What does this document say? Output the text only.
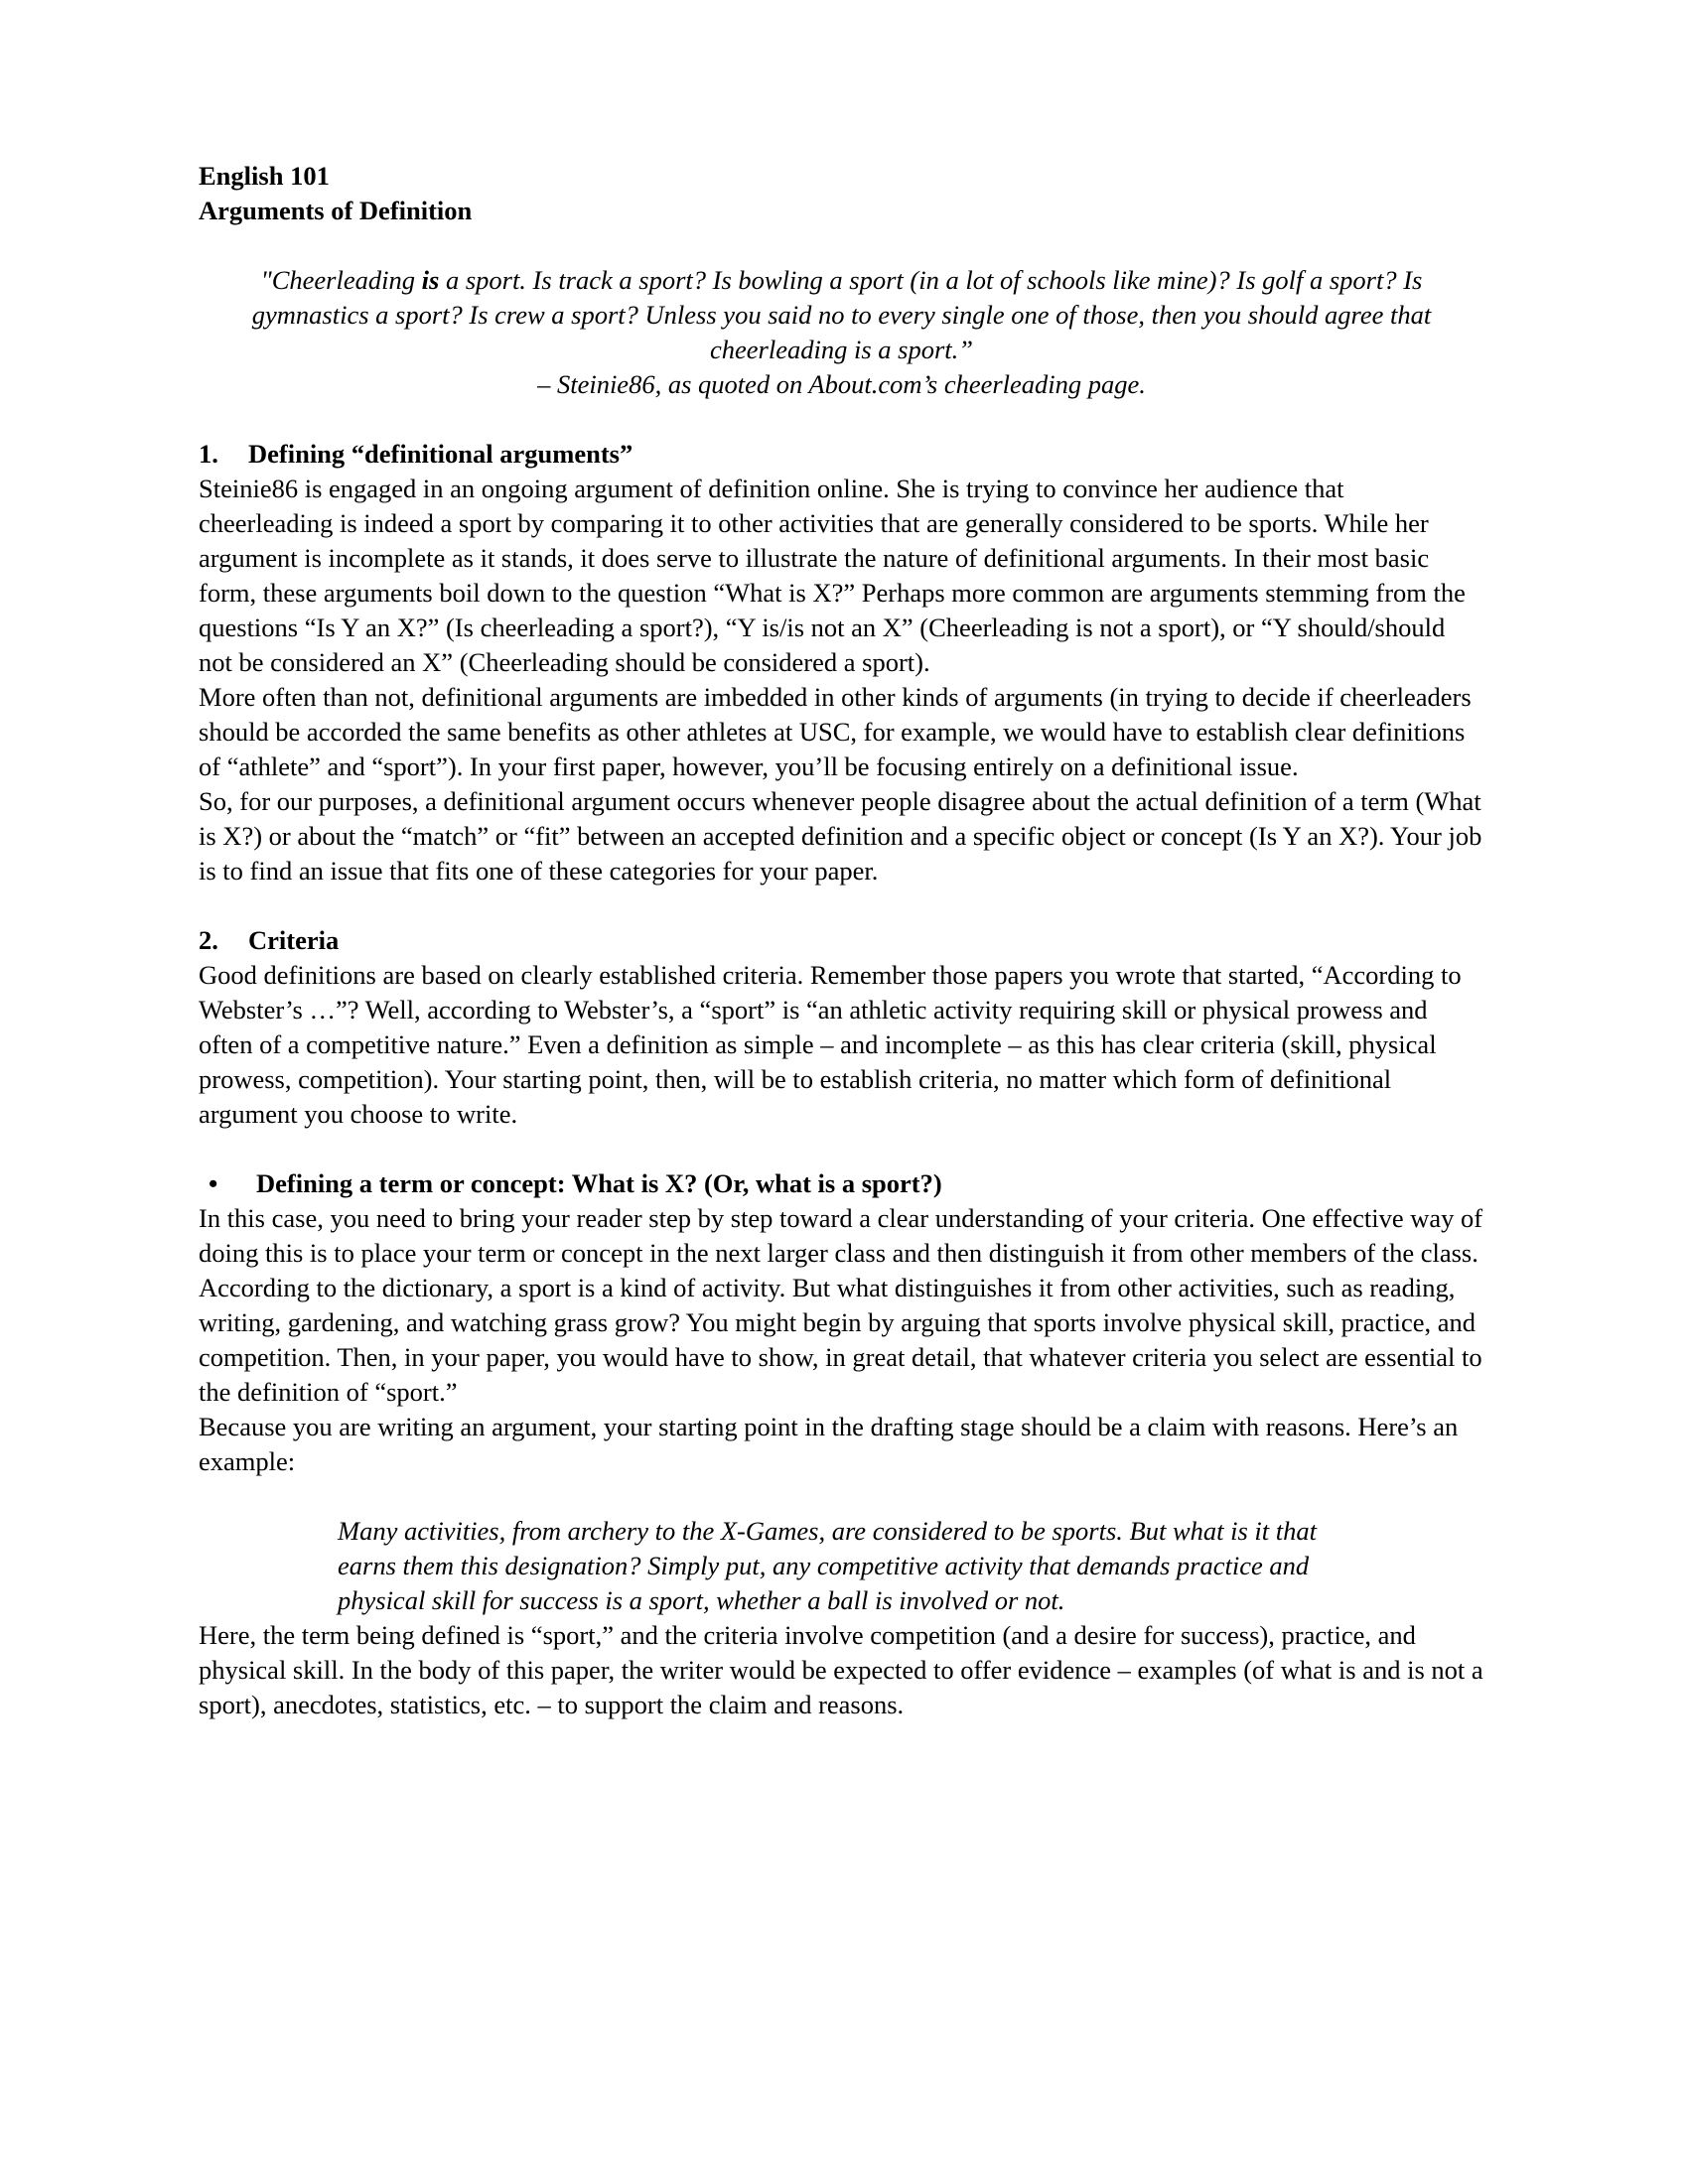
English 101

Arguments of Definition

"Cheerleading is a sport. Is track a sport? Is bowling a sport (in a lot of schools like mine)? Is golf a sport? Is gymnastics a sport? Is crew a sport? Unless you said no to every single one of those, then you should agree that cheerleading is a sport.”

– Steinie86, as quoted on About.com’s cheerleading page.

1. Defining “definitional arguments”

Steinie86 is engaged in an ongoing argument of definition online. She is trying to convince her audience that cheerleading is indeed a sport by comparing it to other activities that are generally considered to be sports. While her argument is incomplete as it stands, it does serve to illustrate the nature of definitional arguments. In their most basic form, these arguments boil down to the question “What is X?” Perhaps more common are arguments stemming from the questions “Is Y an X?” (Is cheerleading a sport?), “Y is/is not an X” (Cheerleading is not a sport), or “Y should/should not be considered an X” (Cheerleading should be considered a sport).

More often than not, definitional arguments are imbedded in other kinds of arguments (in trying to decide if cheerleaders should be accorded the same benefits as other athletes at USC, for example, we would have to establish clear definitions of “athlete” and “sport”). In your first paper, however, you’ll be focusing entirely on a definitional issue.

So, for our purposes, a definitional argument occurs whenever people disagree about the actual definition of a term (What is X?) or about the “match” or “fit” between an accepted definition and a specific object or concept (Is Y an X?). Your job is to find an issue that fits one of these categories for your paper.

2. Criteria

Good definitions are based on clearly established criteria. Remember those papers you wrote that started, “According to Webster’s …”? Well, according to Webster’s, a “sport” is “an athletic activity requiring skill or physical prowess and often of a competitive nature.” Even a definition as simple – and incomplete – as this has clear criteria (skill, physical prowess, competition). Your starting point, then, will be to establish criteria, no matter which form of definitional argument you choose to write.

• Defining a term or concept: What is X? (Or, what is a sport?)

In this case, you need to bring your reader step by step toward a clear understanding of your criteria. One effective way of doing this is to place your term or concept in the next larger class and then distinguish it from other members of the class. According to the dictionary, a sport is a kind of activity. But what distinguishes it from other activities, such as reading, writing, gardening, and watching grass grow? You might begin by arguing that sports involve physical skill, practice, and competition. Then, in your paper, you would have to show, in great detail, that whatever criteria you select are essential to the definition of “sport.”

Because you are writing an argument, your starting point in the drafting stage should be a claim with reasons. Here’s an example:

Many activities, from archery to the X-Games, are considered to be sports. But what is it that earns them this designation? Simply put, any competitive activity that demands practice and physical skill for success is a sport, whether a ball is involved or not.

Here, the term being defined is “sport,” and the criteria involve competition (and a desire for success), practice, and physical skill. In the body of this paper, the writer would be expected to offer evidence – examples (of what is and is not a sport), anecdotes, statistics, etc. – to support the claim and reasons.
